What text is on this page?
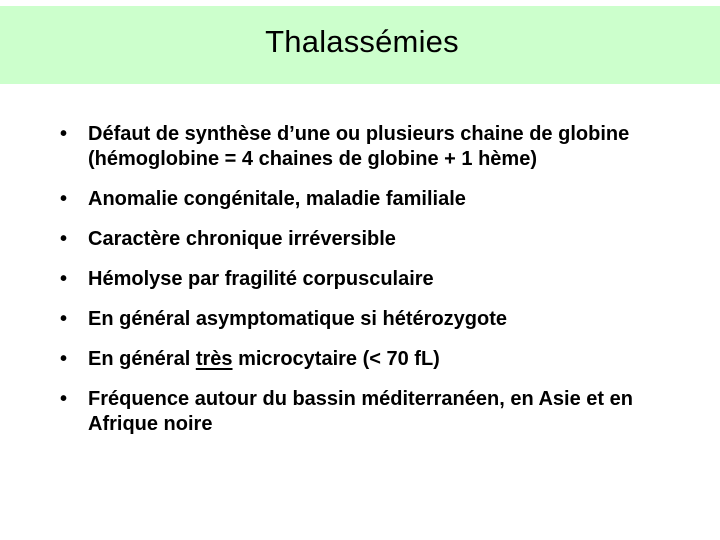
Thalassémies
• Défaut de synthèse d’une ou plusieurs chaine de globine (hémoglobine = 4 chaines de globine + 1 hème)
• Anomalie congénitale, maladie familiale
• Caractère chronique irréversible
• Hémolyse par fragilité corpusculaire
• En général asymptomatique si hétérozygote
• En général très microcytaire (< 70 fL)
• Fréquence autour du bassin méditerranéen, en Asie et en Afrique noire
